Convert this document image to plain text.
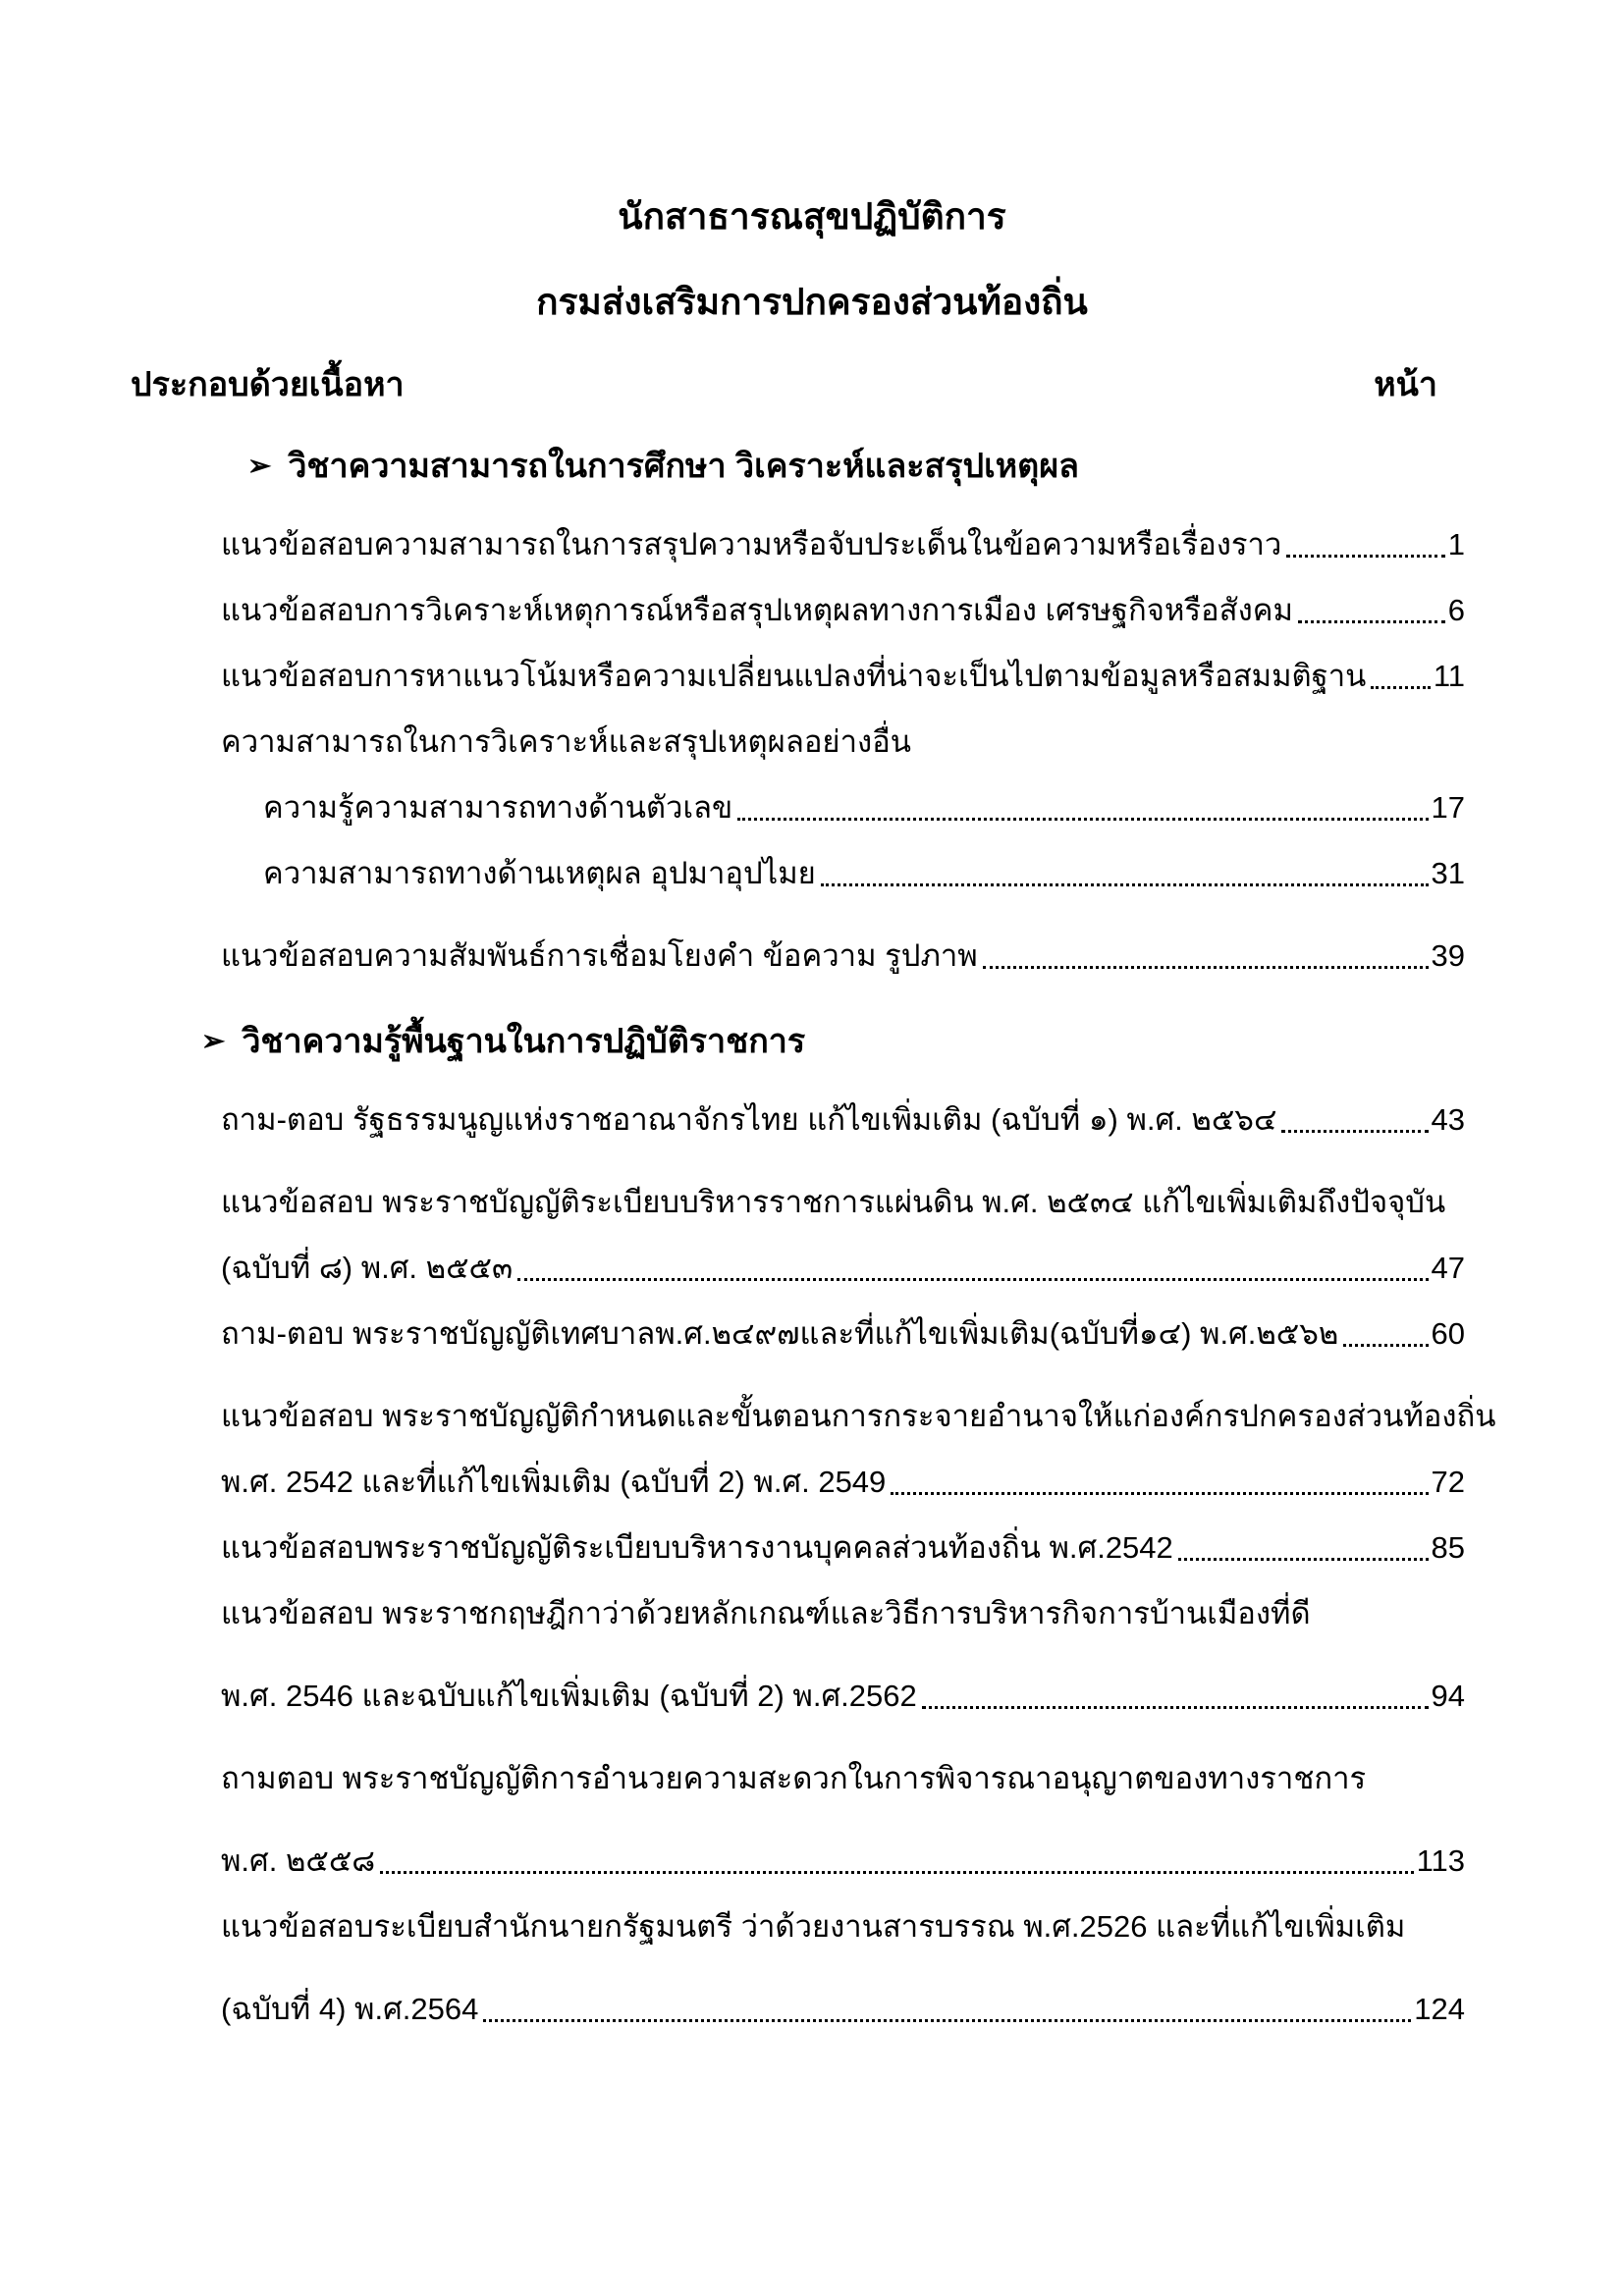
นักสาธารณสุขปฏิบัติการ
กรมส่งเสริมการปกครองส่วนท้องถิ่น
ประกอบด้วยเนื้อหา	หน้า
➢ วิชาความสามารถในการศึกษา วิเคราะห์และสรุปเหตุผล
แนวข้อสอบความสามารถในการสรุปความหรือจับประเด็นในข้อความหรือเรื่องราว	1
แนวข้อสอบการวิเคราะห์เหตุการณ์หรือสรุปเหตุผลทางการเมือง เศรษฐกิจหรือสังคม	6
แนวข้อสอบการหาแนวโน้มหรือความเปลี่ยนแปลงที่น่าจะเป็นไปตามข้อมูลหรือสมมติฐาน 11
ความสามารถในการวิเคราะห์และสรุปเหตุผลอย่างอื่น
ความรู้ความสามารถทางด้านตัวเลข	17
ความสามารถทางด้านเหตุผล อุปมาอุปไมย	31
แนวข้อสอบความสัมพันธ์การเชื่อมโยงคำ ข้อความ รูปภาพ	39
➢ วิชาความรู้พื้นฐานในการปฏิบัติราชการ
ถาม-ตอบ รัฐธรรมนูญแห่งราชอาณาจักรไทย แก้ไขเพิ่มเติม (ฉบับที่ ๑) พ.ศ. ๒๕๖๔	43
แนวข้อสอบ พระราชบัญญัติระเบียบบริหารราชการแผ่นดิน พ.ศ. ๒๕๓๔ แก้ไขเพิ่มเติมถึงปัจจุบัน
(ฉบับที่ ๘) พ.ศ. ๒๕๕๓	47
ถาม-ตอบ พระราชบัญญัติเทศบาลพ.ศ.๒๔๙๗และที่แก้ไขเพิ่มเติม(ฉบับที่๑๔) พ.ศ.๒๕๖๒	60
แนวข้อสอบ พระราชบัญญัติกำหนดและขั้นตอนการกระจายอำนาจให้แก่องค์กรปกครองส่วนท้องถิ่น
พ.ศ. 2542 และที่แก้ไขเพิ่มเติม (ฉบับที่ 2) พ.ศ. 2549	72
แนวข้อสอบพระราชบัญญัติระเบียบบริหารงานบุคคลส่วนท้องถิ่น พ.ศ.2542	85
แนวข้อสอบ พระราชกฤษฎีกาว่าด้วยหลักเกณฑ์และวิธีการบริหารกิจการบ้านเมืองที่ดี
พ.ศ. 2546 และฉบับแก้ไขเพิ่มเติม (ฉบับที่ 2) พ.ศ.2562	94
ถามตอบ พระราชบัญญัติการอำนวยความสะดวกในการพิจารณาอนุญาตของทางราชการ
พ.ศ. ๒๕๕๘	113
แนวข้อสอบระเบียบสำนักนายกรัฐมนตรี ว่าด้วยงานสารบรรณ พ.ศ.2526 และที่แก้ไขเพิ่มเติม
(ฉบับที่ 4) พ.ศ.2564	124
